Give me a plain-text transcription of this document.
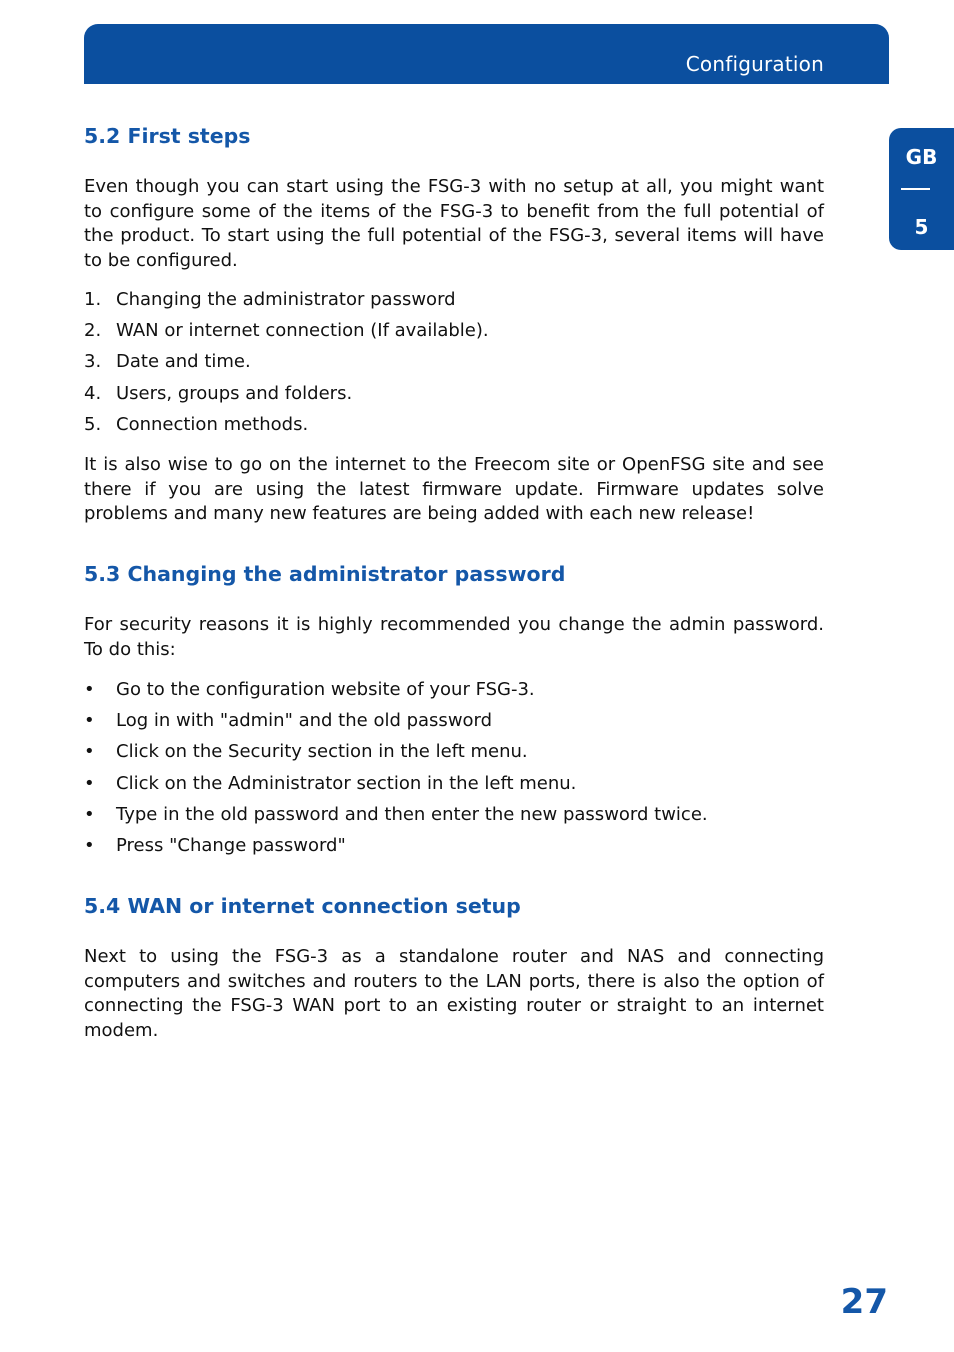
Configuration
GB
5
5.2 First steps

Even though you can start using the FSG-3 with no setup at all, you might want to configure some of the items of the FSG-3 to benefit from the full potential of the product. To start using the full potential of the FSG-3, several items will have to be configured.

1. Changing the administrator password
2. WAN or internet connection (If available).
3. Date and time.
4. Users, groups and folders.
5. Connection methods.

It is also wise to go on the internet to the Freecom site or OpenFSG site and see there if you are using the latest firmware update. Firmware updates solve problems and many new features are being added with each new release!

5.3 Changing the administrator password

For security reasons it is highly recommended you change the admin password. To do this:

• Go to the configuration website of your FSG-3.
• Log in with "admin" and the old password
• Click on the Security section in the left menu.
• Click on the Administrator section in the left menu.
• Type in the old password and then enter the new password twice.
• Press "Change password"
5.4 WAN or internet connection setup

Next to using the FSG-3 as a standalone router and NAS and connecting computers and switches and routers to the LAN ports, there is also the option of connecting the FSG-3 WAN port to an existing router or straight to an internet modem.

27
